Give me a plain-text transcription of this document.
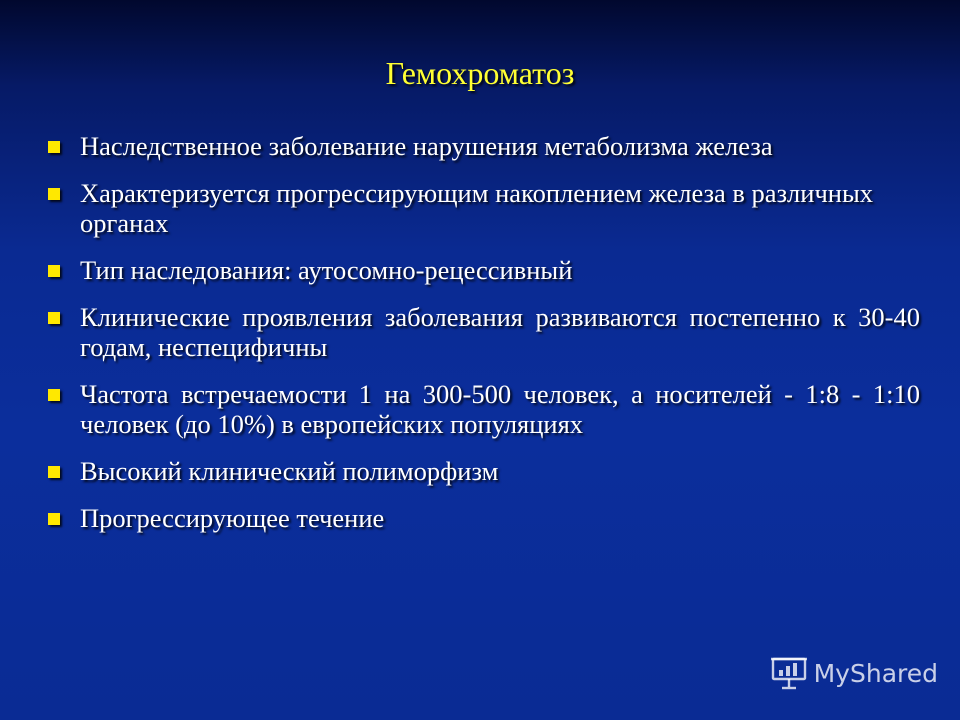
Гемохроматоз
Наследственное заболевание нарушения метаболизма железа
Характеризуется прогрессирующим накоплением железа в различных органах
Тип наследования: аутосомно-рецессивный
Клинические проявления заболевания развиваются постепенно к 30-40 годам, неспецифичны
Частота встречаемости 1 на 300-500 человек, а носителей - 1:8 - 1:10 человек (до 10%) в европейских популяциях
Высокий клинический полиморфизм
Прогрессирующее течение
MyShared
